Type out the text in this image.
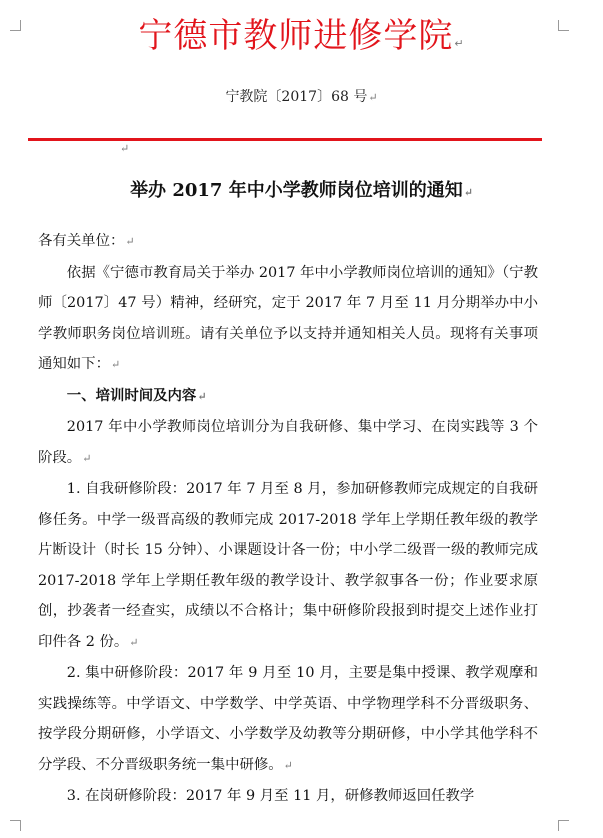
宁德市教师进修学院↵
宁教院〔2017〕68 号↵
↵
举办 2017 年中小学教师岗位培训的通知↵

各有关单位：↵

依据《宁德市教育局关于举办 2017 年中小学教师岗位培训的通知》（宁教师〔2017〕47 号）精神，经研究，定于 2017 年 7 月至 11 月分期举办中小学教师职务岗位培训班。请有关单位予以支持并通知相关人员。现将有关事项通知如下：↵

一、培训时间及内容↵

2017 年中小学教师岗位培训分为自我研修、集中学习、在岗实践等 3 个阶段。↵

1. 自我研修阶段：2017 年 7 月至 8 月，参加研修教师完成规定的自我研修任务。中学一级晋高级的教师完成 2017-2018 学年上学期任教年级的教学片断设计（时长 15 分钟）、小课题设计各一份；中小学二级晋一级的教师完成 2017-2018 学年上学期任教年级的教学设计、教学叙事各一份；作业要求原创，抄袭者一经查实，成绩以不合格计；集中研修阶段报到时提交上述作业打印件各 2 份。↵

2. 集中研修阶段：2017 年 9 月至 10 月，主要是集中授课、教学观摩和实践操练等。中学语文、中学数学、中学英语、中学物理学科不分晋级职务、按学段分期研修，小学语文、小学数学及幼教等分期研修，中小学其他学科不分学段、不分晋级职务统一集中研修。↵

3. 在岗研修阶段：2017 年 9 月至 11 月，研修教师返回任教学
